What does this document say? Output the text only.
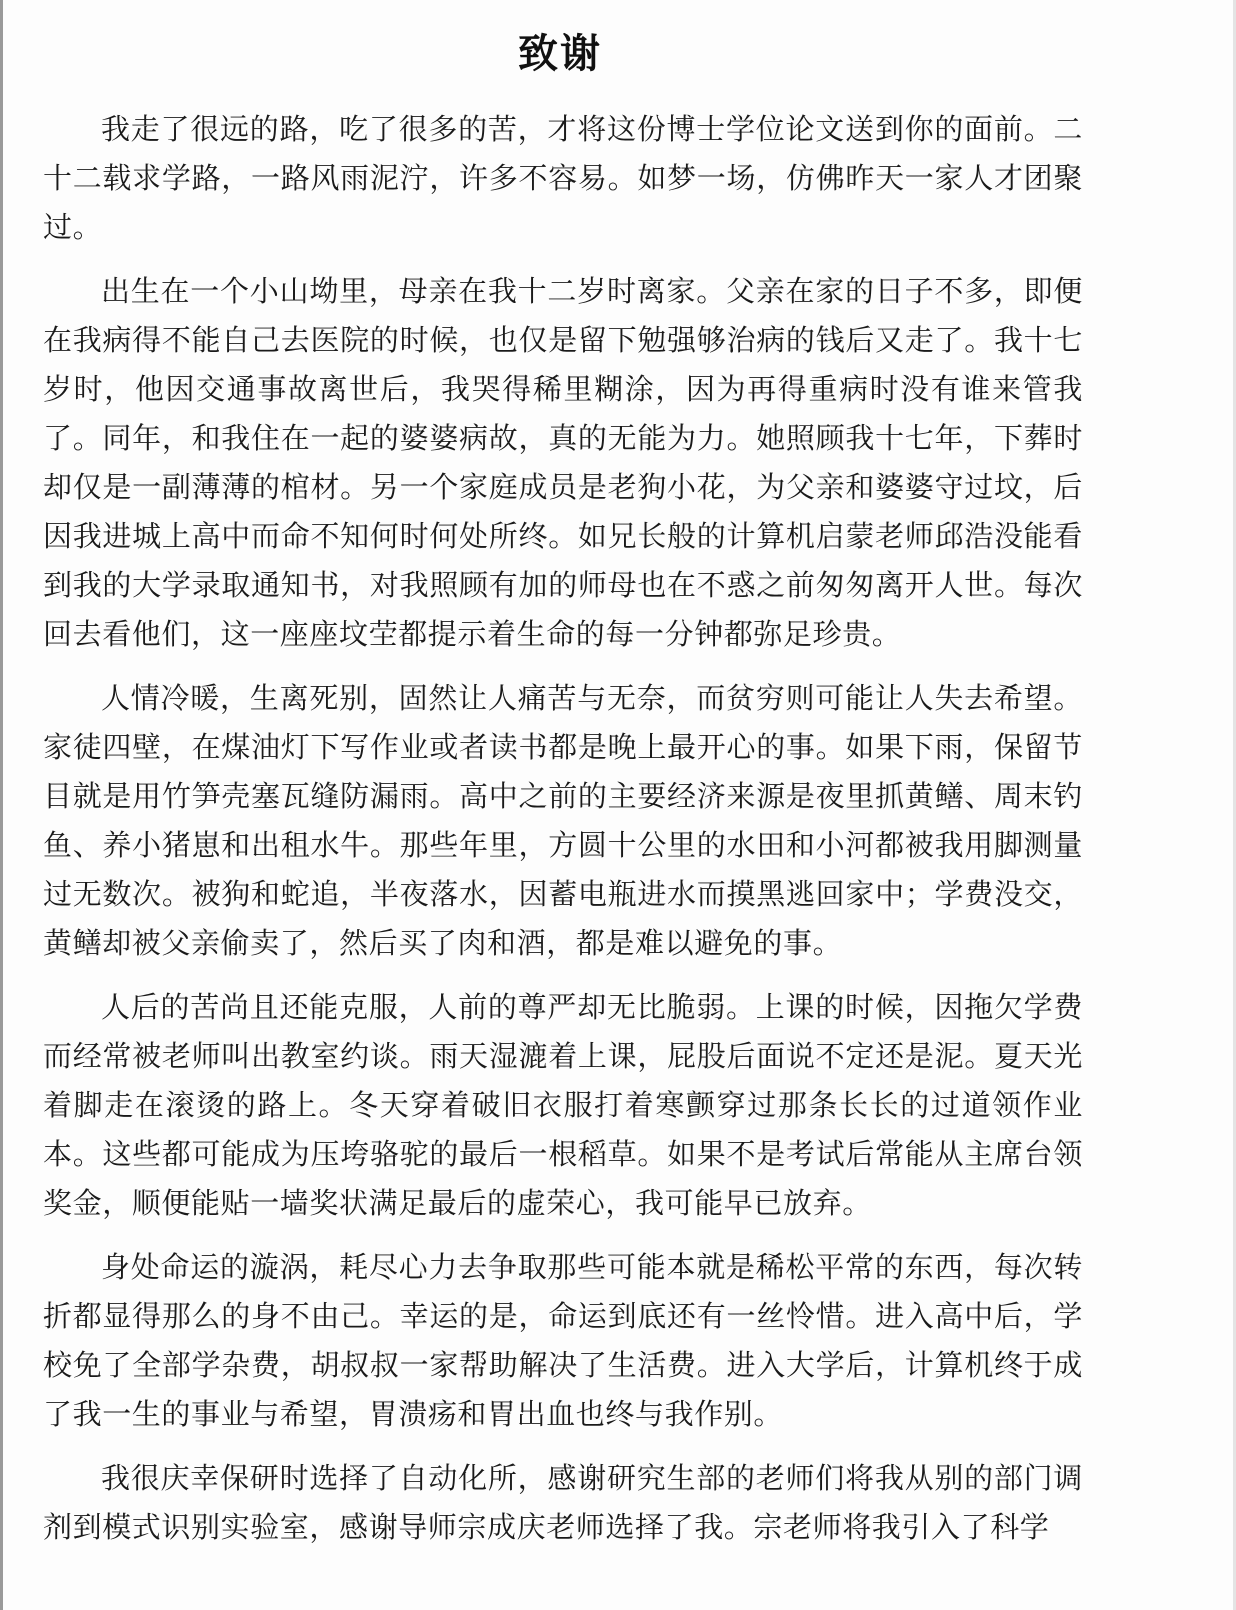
致谢

我走了很远的路，吃了很多的苦，才将这份博士学位论文送到你的面前。二十二载求学路，一路风雨泥泞，许多不容易。如梦一场，仿佛昨天一家人才团聚过。

出生在一个小山坳里，母亲在我十二岁时离家。父亲在家的日子不多，即便在我病得不能自己去医院的时候，也仅是留下勉强够治病的钱后又走了。我十七岁时，他因交通事故离世后，我哭得稀里糊涂，因为再得重病时没有谁来管我了。同年，和我住在一起的婆婆病故，真的无能为力。她照顾我十七年，下葬时却仅是一副薄薄的棺材。另一个家庭成员是老狗小花，为父亲和婆婆守过坟，后因我进城上高中而命不知何时何处所终。如兄长般的计算机启蒙老师邱浩没能看到我的大学录取通知书，对我照顾有加的师母也在不惑之前匆匆离开人世。每次回去看他们，这一座座坟茔都提示着生命的每一分钟都弥足珍贵。

人情冷暖，生离死别，固然让人痛苦与无奈，而贫穷则可能让人失去希望。家徒四壁，在煤油灯下写作业或者读书都是晚上最开心的事。如果下雨，保留节目就是用竹笋壳塞瓦缝防漏雨。高中之前的主要经济来源是夜里抓黄鳝、周末钓鱼、养小猪崽和出租水牛。那些年里，方圆十公里的水田和小河都被我用脚测量过无数次。被狗和蛇追，半夜落水，因蓄电瓶进水而摸黑逃回家中；学费没交，黄鳝却被父亲偷卖了，然后买了肉和酒，都是难以避免的事。

人后的苦尚且还能克服，人前的尊严却无比脆弱。上课的时候，因拖欠学费而经常被老师叫出教室约谈。雨天湿漉着上课，屁股后面说不定还是泥。夏天光着脚走在滚烫的路上。冬天穿着破旧衣服打着寒颤穿过那条长长的过道领作业本。这些都可能成为压垮骆驼的最后一根稻草。如果不是考试后常能从主席台领奖金，顺便能贴一墙奖状满足最后的虚荣心，我可能早已放弃。

身处命运的漩涡，耗尽心力去争取那些可能本就是稀松平常的东西，每次转折都显得那么的身不由己。幸运的是，命运到底还有一丝怜惜。进入高中后，学校免了全部学杂费，胡叔叔一家帮助解决了生活费。进入大学后，计算机终于成了我一生的事业与希望，胃溃疡和胃出血也终与我作别。

我很庆幸保研时选择了自动化所，感谢研究生部的老师们将我从别的部门调剂到模式识别实验室，感谢导师宗成庆老师选择了我。宗老师将我引入了科学
